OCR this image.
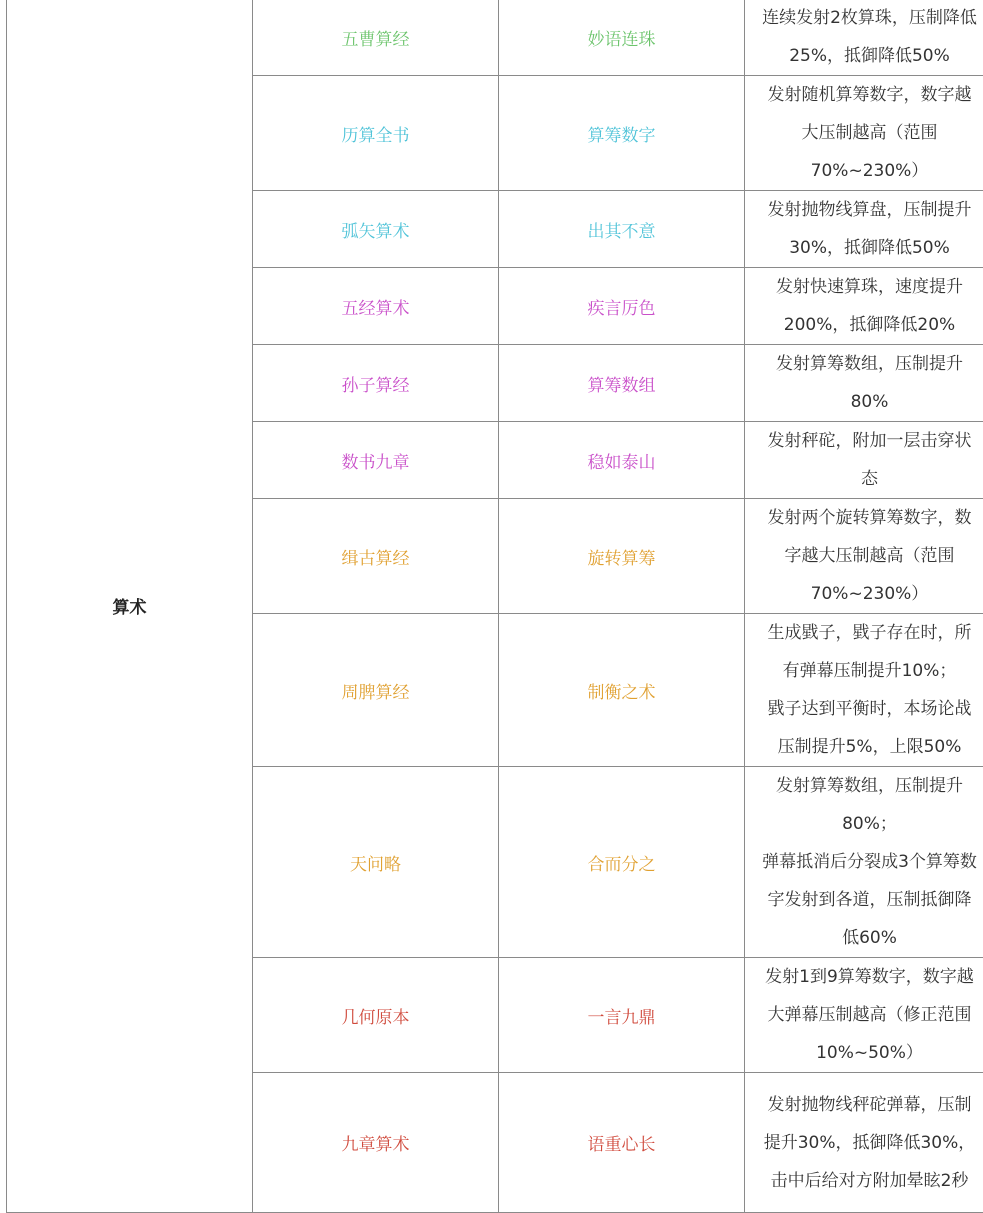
算术	五曹算经	妙语连珠	连续发射2枚算珠，压制降低
25%，抵御降低50%

	历算全书	算筹数字	发射随机算筹数字，数字越
大压制越高（范围
70%~230%）

	弧矢算术	出其不意	发射抛物线算盘，压制提升
30%，抵御降低50%

	五经算术	疾言厉色	发射快速算珠，速度提升
200%，抵御降低20%

	孙子算经	算筹数组	发射算筹数组，压制提升
80%

	数书九章	稳如泰山	发射秤砣，附加一层击穿状
态

	缉古算经	旋转算筹	发射两个旋转算筹数字，数
字越大压制越高（范围
70%~230%）

	周脾算经	制衡之术	生成戥子，戥子存在时，所
有弹幕压制提升10%；
戥子达到平衡时，本场论战
压制提升5%，上限50%

	天问略	合而分之	发射算筹数组，压制提升
80%；
弹幕抵消后分裂成3个算筹数
字发射到各道，压制抵御降
低60%

	几何原本	一言九鼎	发射1到9算筹数字，数字越
大弹幕压制越高（修正范围
10%~50%）

	九章算术	语重心长	发射抛物线秤砣弹幕，压制
提升30%，抵御降低30%，
击中后给对方附加晕眩2秒
